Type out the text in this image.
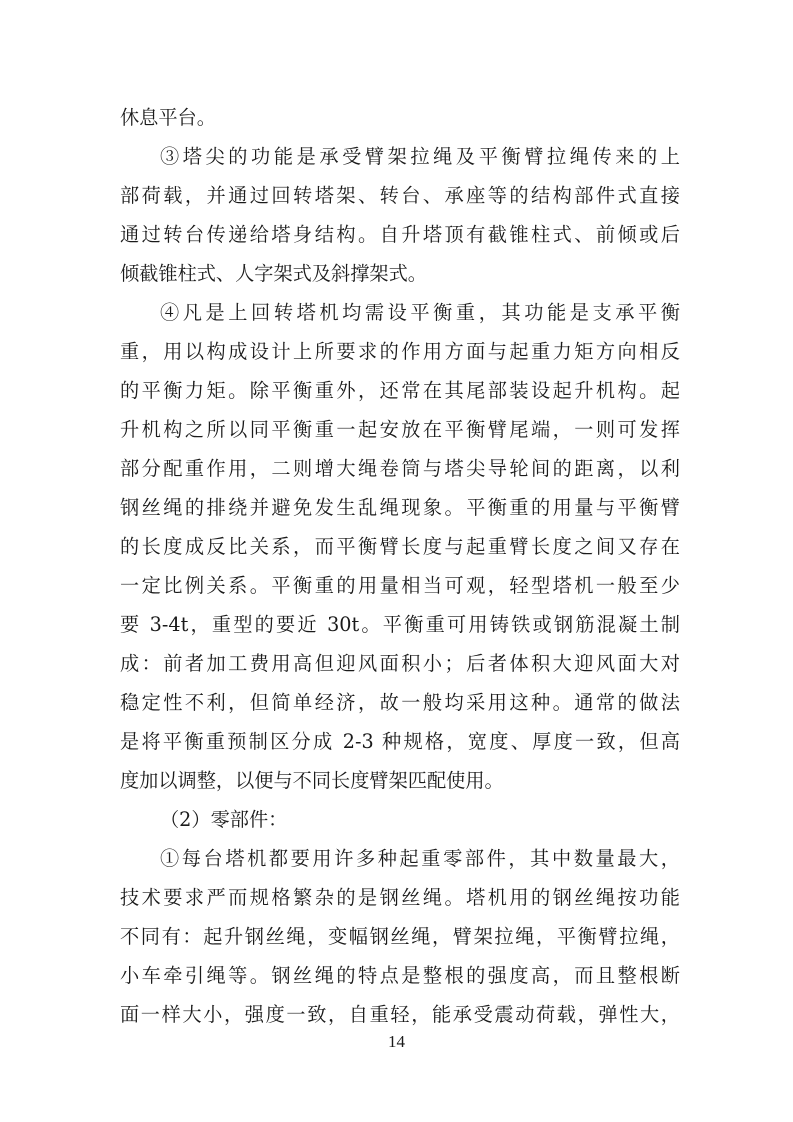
休息平台。
③塔尖的功能是承受臂架拉绳及平衡臂拉绳传来的上
部荷载，并通过回转塔架、转台、承座等的结构部件式直接
通过转台传递给塔身结构。自升塔顶有截锥柱式、前倾或后
倾截锥柱式、人字架式及斜撑架式。
④凡是上回转塔机均需设平衡重，其功能是支承平衡
重，用以构成设计上所要求的作用方面与起重力矩方向相反
的平衡力矩。除平衡重外，还常在其尾部装设起升机构。起
升机构之所以同平衡重一起安放在平衡臂尾端，一则可发挥
部分配重作用，二则增大绳卷筒与塔尖导轮间的距离，以利
钢丝绳的排绕并避免发生乱绳现象。平衡重的用量与平衡臂
的长度成反比关系，而平衡臂长度与起重臂长度之间又存在
一定比例关系。平衡重的用量相当可观，轻型塔机一般至少
要 3-4t，重型的要近 30t。平衡重可用铸铁或钢筋混凝土制
成：前者加工费用高但迎风面积小；后者体积大迎风面大对
稳定性不利，但简单经济，故一般均采用这种。通常的做法
是将平衡重预制区分成 2-3 种规格，宽度、厚度一致，但高
度加以调整，以便与不同长度臂架匹配使用。
（2）零部件：
①每台塔机都要用许多种起重零部件，其中数量最大，
技术要求严而规格繁杂的是钢丝绳。塔机用的钢丝绳按功能
不同有：起升钢丝绳，变幅钢丝绳，臂架拉绳，平衡臂拉绳，
小车牵引绳等。钢丝绳的特点是整根的强度高，而且整根断
面一样大小，强度一致，自重轻，能承受震动荷载，弹性大，
14
